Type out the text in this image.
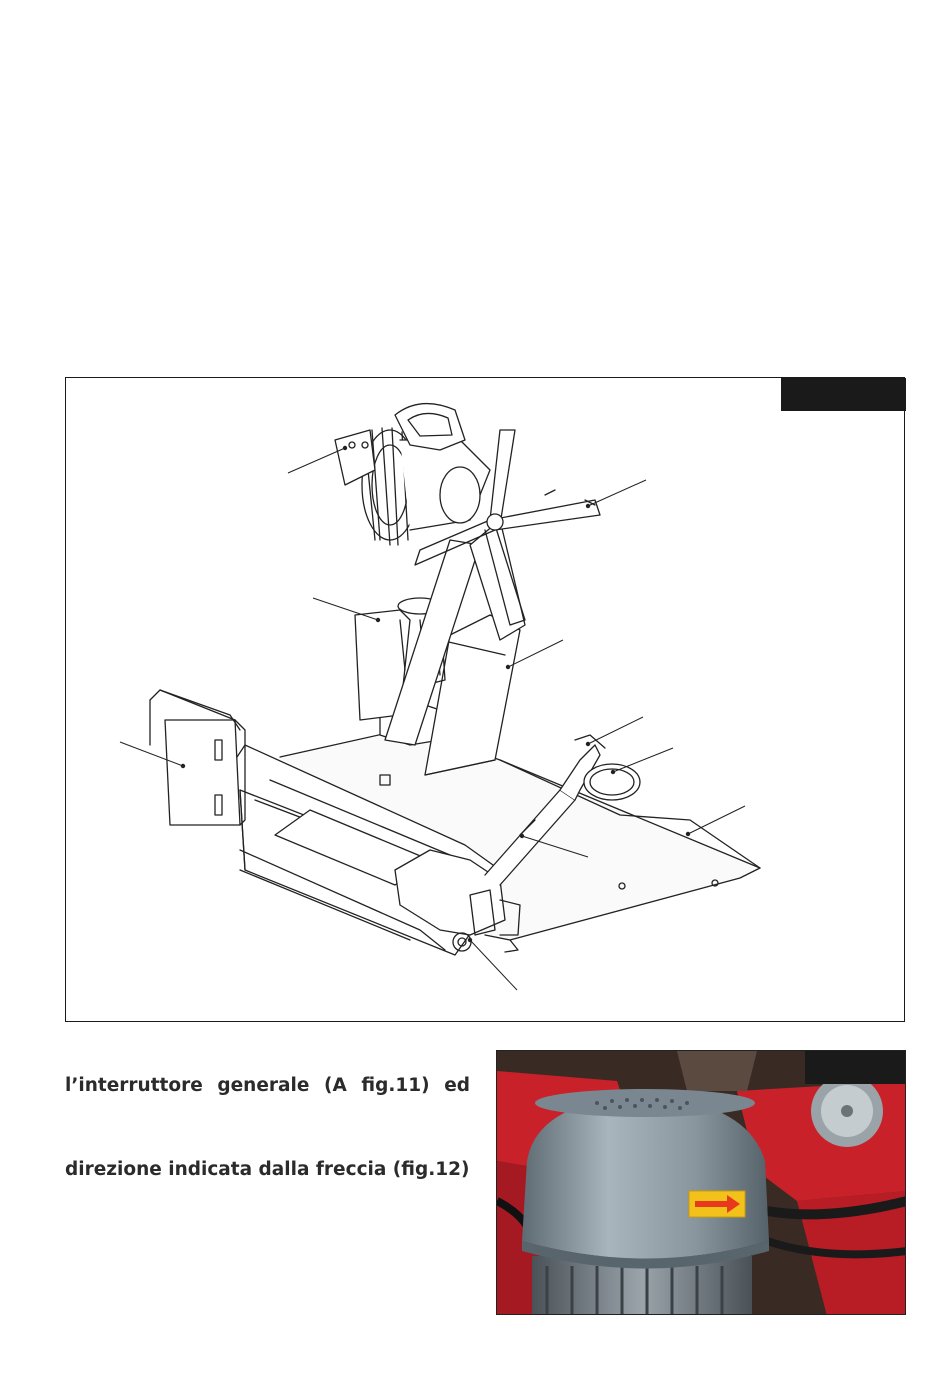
l’interruttore generale (A fig.11) ed
direzione indicata dalla freccia (fig.12)
